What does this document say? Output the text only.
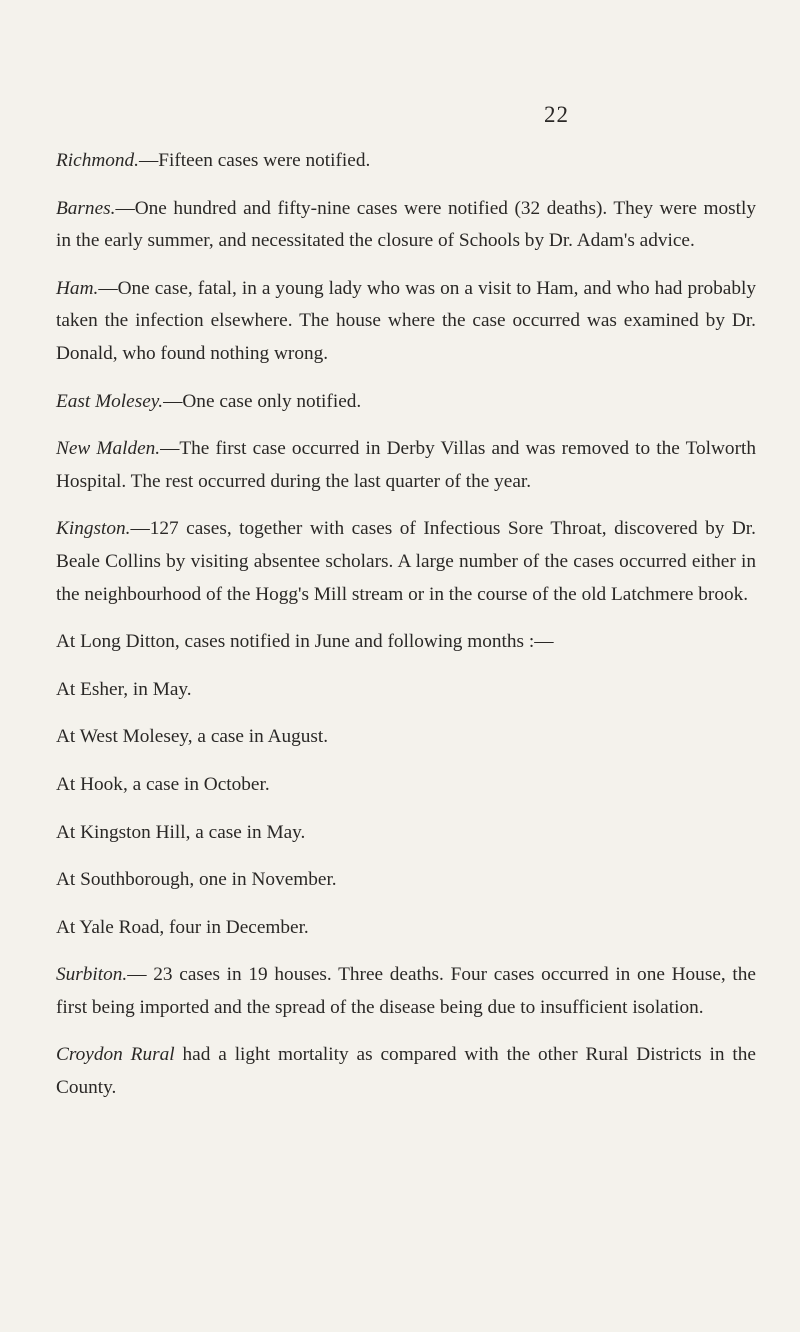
22

Richmond.—Fifteen cases were notified.

Barnes.—One hundred and fifty-nine cases were notified (32 deaths). They were mostly in the early summer, and necessitated the closure of Schools by Dr. Adam's advice.

Ham.—One case, fatal, in a young lady who was on a visit to Ham, and who had probably taken the infection elsewhere. The house where the case occurred was examined by Dr. Donald, who found nothing wrong.

East Molesey.—One case only notified.

New Malden.—The first case occurred in Derby Villas and was removed to the Tolworth Hospital. The rest occurred during the last quarter of the year.

Kingston.—127 cases, together with cases of Infectious Sore Throat, discovered by Dr. Beale Collins by visiting absentee scholars. A large number of the cases occurred either in the neighbourhood of the Hogg's Mill stream or in the course of the old Latchmere brook.

At Long Ditton, cases notified in June and following months :—

At Esher, in May.

At West Molesey, a case in August.

At Hook, a case in October.

At Kingston Hill, a case in May.

At Southborough, one in November.

At Yale Road, four in December.

Surbiton.— 23 cases in 19 houses. Three deaths. Four cases occurred in one House, the first being imported and the spread of the disease being due to insufficient isolation.

Croydon Rural had a light mortality as compared with the other Rural Districts in the County.
